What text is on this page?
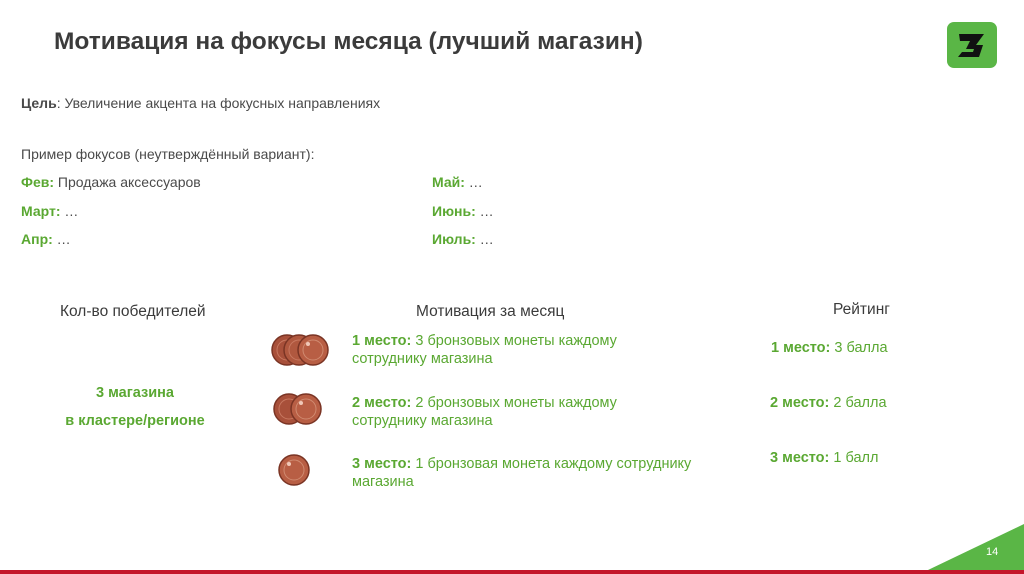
Мотивация на фокусы месяца (лучший магазин)
Цель: Увеличение акцента на фокусных направлениях
Пример фокусов (неутверждённый вариант):
Фев: Продажа аксессуаров
Март: …
Апр: …
Май: …
Июнь: …
Июль: …
Кол-во победителей	Мотивация за месяц	Рейтинг
3 магазина
в кластере/регионе
1 место: 3 бронзовых монеты каждому сотруднику магазина
2 место: 2 бронзовых монеты каждому сотруднику магазина
3 место: 1 бронзовая монета каждому сотруднику магазина
1 место: 3 балла
2 место: 2 балла
3 место: 1 балл
14
